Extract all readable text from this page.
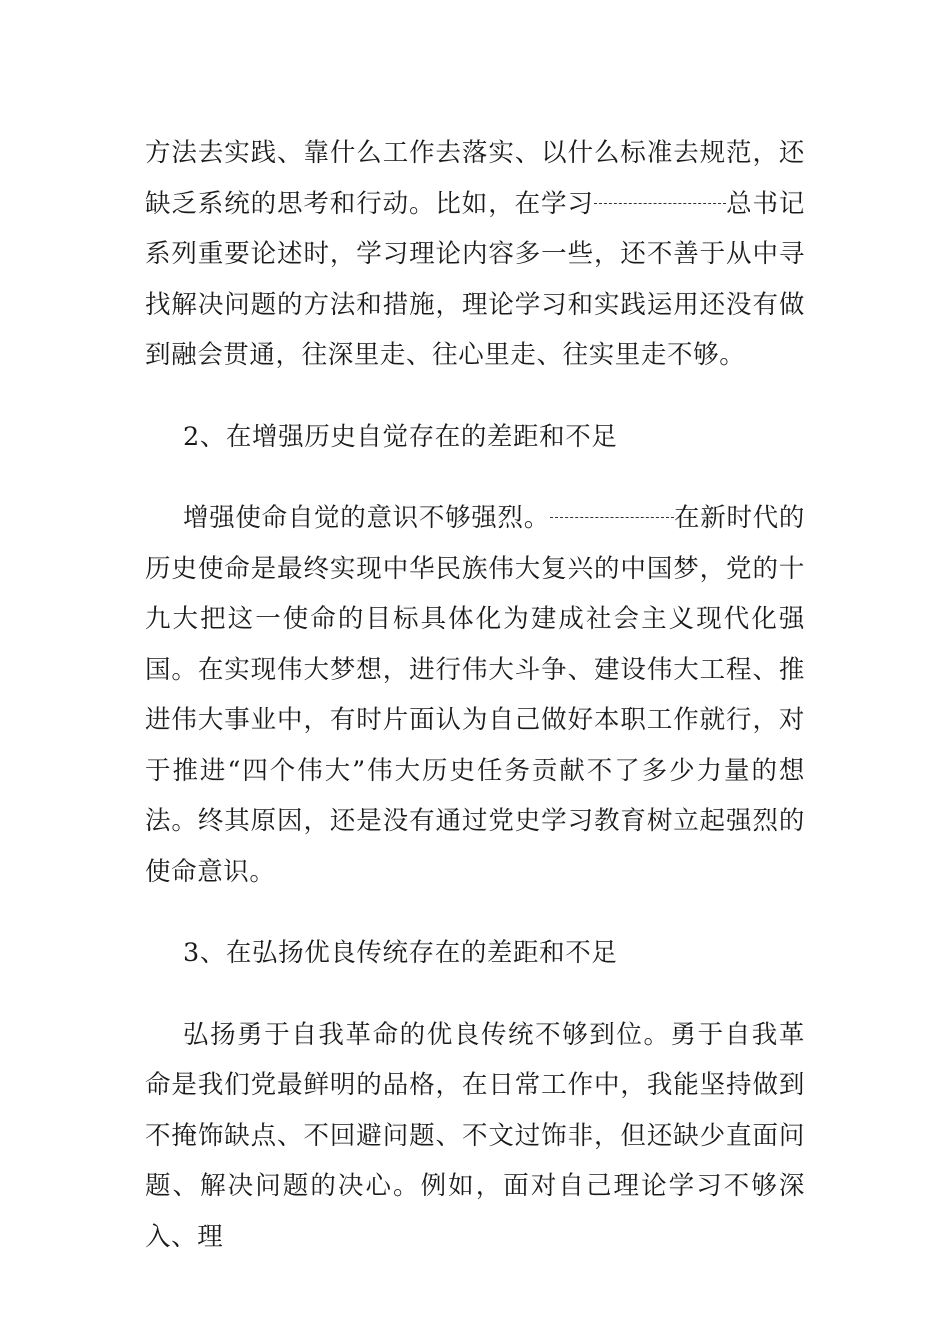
方法去实践、靠什么工作去落实、以什么标准去规范，还缺乏系统的思考和行动。比如，在学习	总书记系列重要论述时，学习理论内容多一些，还不善于从中寻找解决问题的方法和措施，理论学习和实践运用还没有做到融会贯通，往深里走、往心里走、往实里走不够。

2、在增强历史自觉存在的差距和不足

增强使命自觉的意识不够强烈。	在新时代的历史使命是最终实现中华民族伟大复兴的中国梦，党的十九大把这一使命的目标具体化为建成社会主义现代化强国。在实现伟大梦想，进行伟大斗争、建设伟大工程、推进伟大事业中，有时片面认为自己做好本职工作就行，对于推进“四个伟大”伟大历史任务贡献不了多少力量的想法。终其原因，还是没有通过党史学习教育树立起强烈的使命意识。

3、在弘扬优良传统存在的差距和不足

弘扬勇于自我革命的优良传统不够到位。勇于自我革命是我们党最鲜明的品格，在日常工作中，我能坚持做到不掩饰缺点、不回避问题、不文过饰非，但还缺少直面问题、解决问题的决心。例如，面对自己理论学习不够深入、理
